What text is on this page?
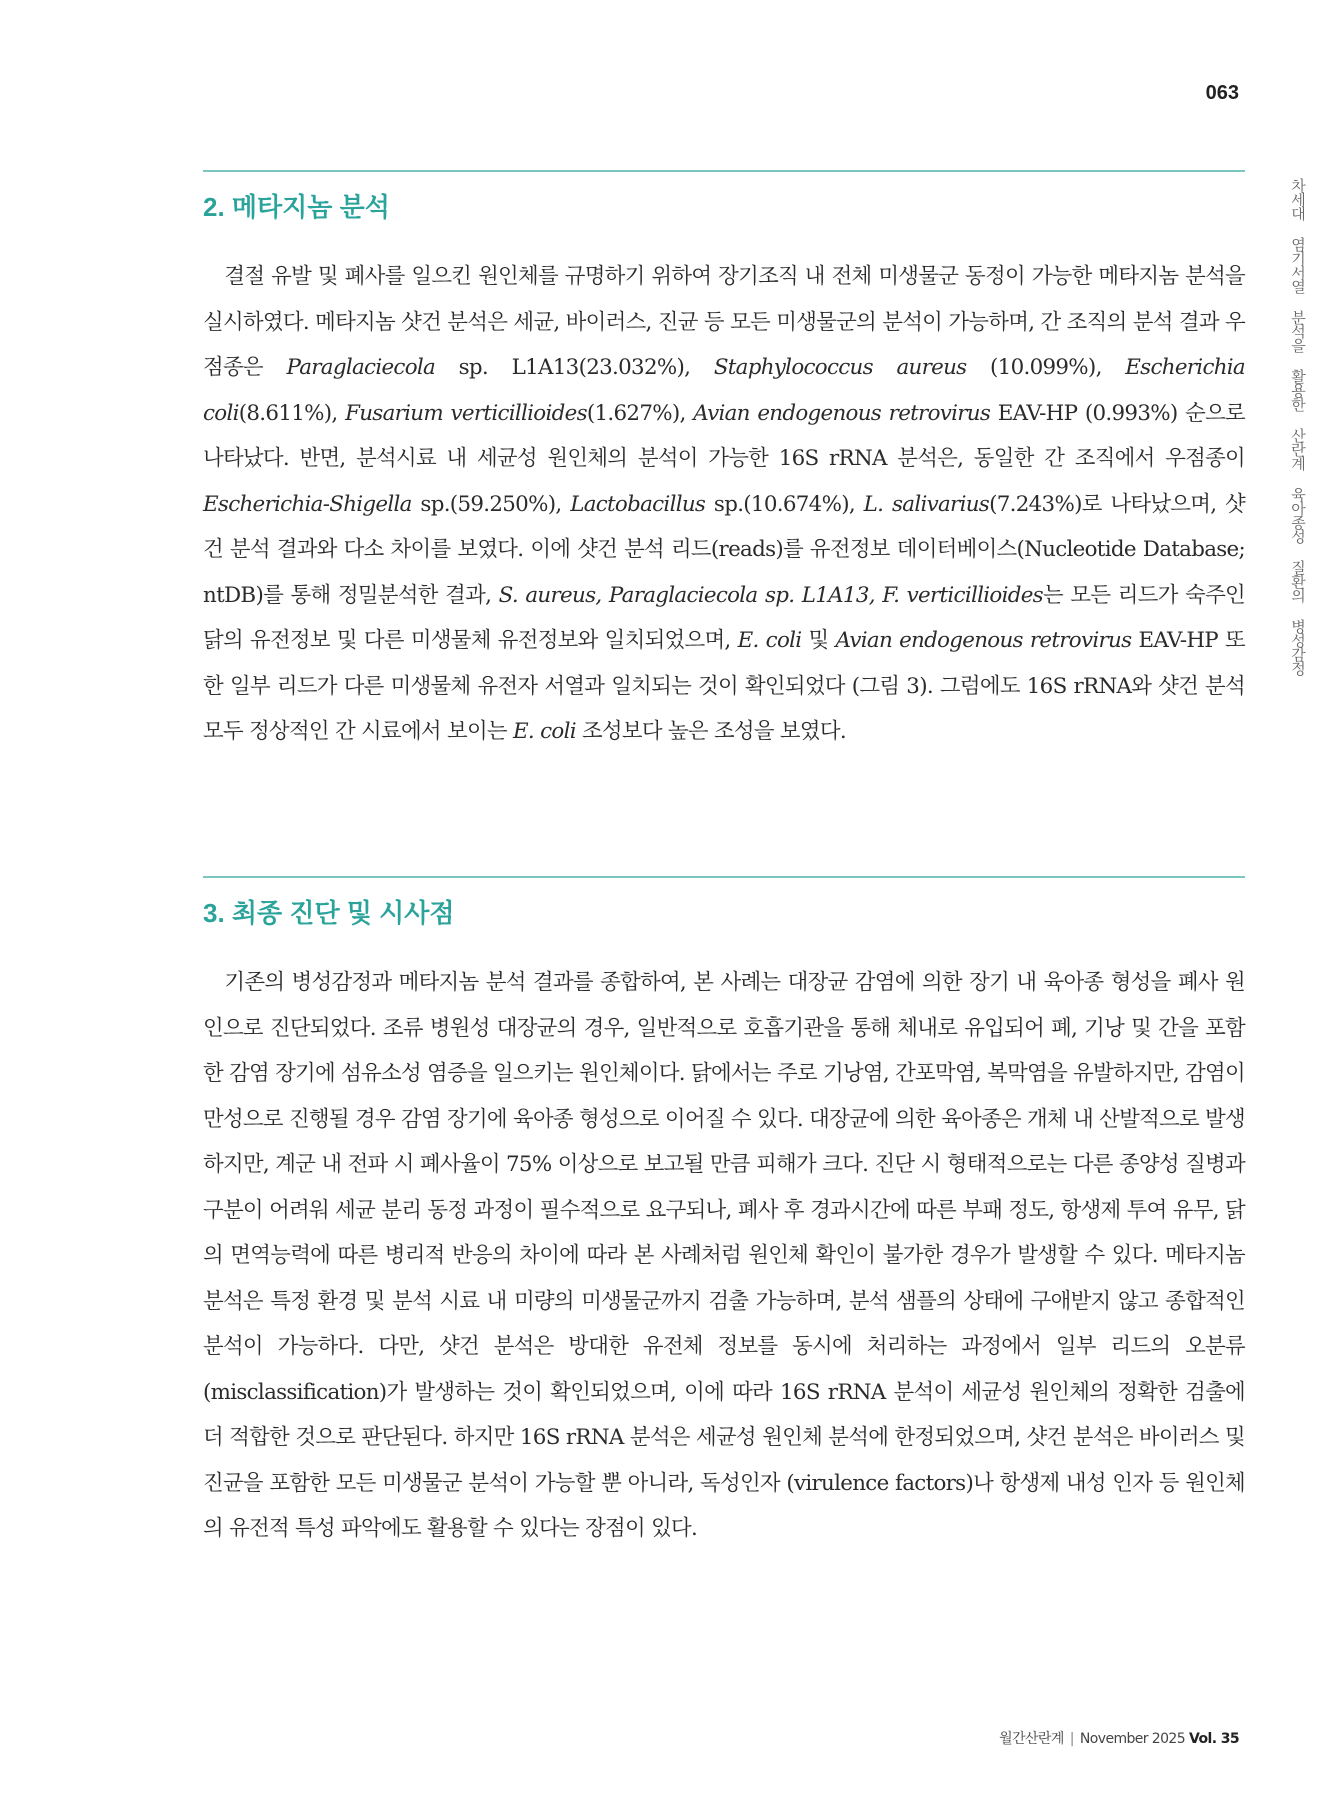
063
차세대 염기서열 분석을 활용한 산란계 육아종성 질환의 병성감정
2. 메타지놈 분석

결절 유발 및 폐사를 일으킨 원인체를 규명하기 위하여 장기조직 내 전체 미생물군 동정이 가능한 메타지놈 분석을 실시하였다. 메타지놈 샷건 분석은 세균, 바이러스, 진균 등 모든 미생물군의 분석이 가능하며, 간 조직의 분석 결과 우점종은 Paraglaciecola sp. L1A13(23.032%), Staphylococcus aureus (10.099%), Escherichia coli(8.611%), Fusarium verticillioides(1.627%), Avian endogenous retrovirus EAV-HP (0.993%) 순으로 나타났다. 반면, 분석시료 내 세균성 원인체의 분석이 가능한 16S rRNA 분석은, 동일한 간 조직에서 우점종이 Escherichia-Shigella sp.(59.250%), Lactobacillus sp.(10.674%), L. salivarius(7.243%)로 나타났으며, 샷건 분석 결과와 다소 차이를 보였다. 이에 샷건 분석 리드(reads)를 유전정보 데이터베이스(Nucleotide Database; ntDB)를 통해 정밀분석한 결과, S. aureus, Paraglaciecola sp. L1A13, F. verticillioides는 모든 리드가 숙주인 닭의 유전정보 및 다른 미생물체 유전정보와 일치되었으며, E. coli 및 Avian endogenous retrovirus EAV-HP 또한 일부 리드가 다른 미생물체 유전자 서열과 일치되는 것이 확인되었다 (그림 3). 그럼에도 16S rRNA와 샷건 분석 모두 정상적인 간 시료에서 보이는 E. coli 조성보다 높은 조성을 보였다.

3. 최종 진단 및 시사점

기존의 병성감정과 메타지놈 분석 결과를 종합하여, 본 사례는 대장균 감염에 의한 장기 내 육아종 형성을 폐사 원인으로 진단되었다. 조류 병원성 대장균의 경우, 일반적으로 호흡기관을 통해 체내로 유입되어 폐, 기낭 및 간을 포함한 감염 장기에 섬유소성 염증을 일으키는 원인체이다. 닭에서는 주로 기낭염, 간포막염, 복막염을 유발하지만, 감염이 만성으로 진행될 경우 감염 장기에 육아종 형성으로 이어질 수 있다. 대장균에 의한 육아종은 개체 내 산발적으로 발생하지만, 계군 내 전파 시 폐사율이 75% 이상으로 보고될 만큼 피해가 크다. 진단 시 형태적으로는 다른 종양성 질병과 구분이 어려워 세균 분리 동정 과정이 필수적으로 요구되나, 폐사 후 경과시간에 따른 부패 정도, 항생제 투여 유무, 닭의 면역능력에 따른 병리적 반응의 차이에 따라 본 사례처럼 원인체 확인이 불가한 경우가 발생할 수 있다. 메타지놈 분석은 특정 환경 및 분석 시료 내 미량의 미생물군까지 검출 가능하며, 분석 샘플의 상태에 구애받지 않고 종합적인 분석이 가능하다. 다만, 샷건 분석은 방대한 유전체 정보를 동시에 처리하는 과정에서 일부 리드의 오분류(misclassification)가 발생하는 것이 확인되었으며, 이에 따라 16S rRNA 분석이 세균성 원인체의 정확한 검출에 더 적합한 것으로 판단된다. 하지만 16S rRNA 분석은 세균성 원인체 분석에 한정되었으며, 샷건 분석은 바이러스 및 진균을 포함한 모든 미생물군 분석이 가능할 뿐 아니라, 독성인자 (virulence factors)나 항생제 내성 인자 등 원인체의 유전적 특성 파악에도 활용할 수 있다는 장점이 있다.

월간산란계 | November 2025 Vol. 35
